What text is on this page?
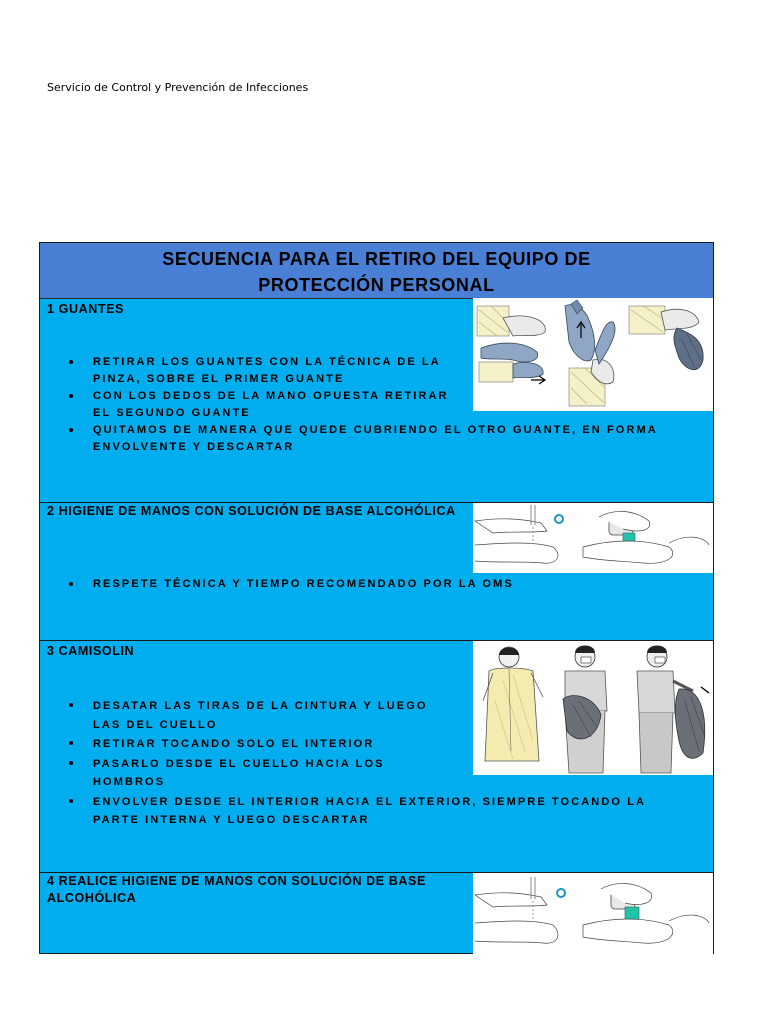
Servicio de Control y Prevención de Infecciones
SECUENCIA PARA EL RETIRO DEL EQUIPO DE
PROTECCIÓN PERSONAL
1 GUANTES
RETIRAR LOS GUANTES CON LA TÉCNICA DE LA PINZA, SOBRE EL PRIMER GUANTE
CON LOS DEDOS DE LA MANO OPUESTA RETIRAR EL SEGUNDO GUANTE
QUITAMOS DE MANERA QUE QUEDE CUBRIENDO EL OTRO GUANTE, EN FORMA ENVOLVENTE Y DESCARTAR
2 HIGIENE DE MANOS CON SOLUCIÓN DE BASE ALCOHÓLICA
RESPETE TÉCNICA Y TIEMPO RECOMENDADO POR LA OMS
3 CAMISOLIN
DESATAR LAS TIRAS DE LA CINTURA Y LUEGO LAS DEL CUELLO
RETIRAR TOCANDO SOLO EL INTERIOR
PASARLO DESDE EL CUELLO HACIA LOS HOMBROS
ENVOLVER DESDE EL INTERIOR HACIA EL EXTERIOR, SIEMPRE TOCANDO LA PARTE INTERNA Y LUEGO DESCARTAR
4 REALICE HIGIENE DE MANOS CON SOLUCIÓN DE BASE ALCOHÓLICA
